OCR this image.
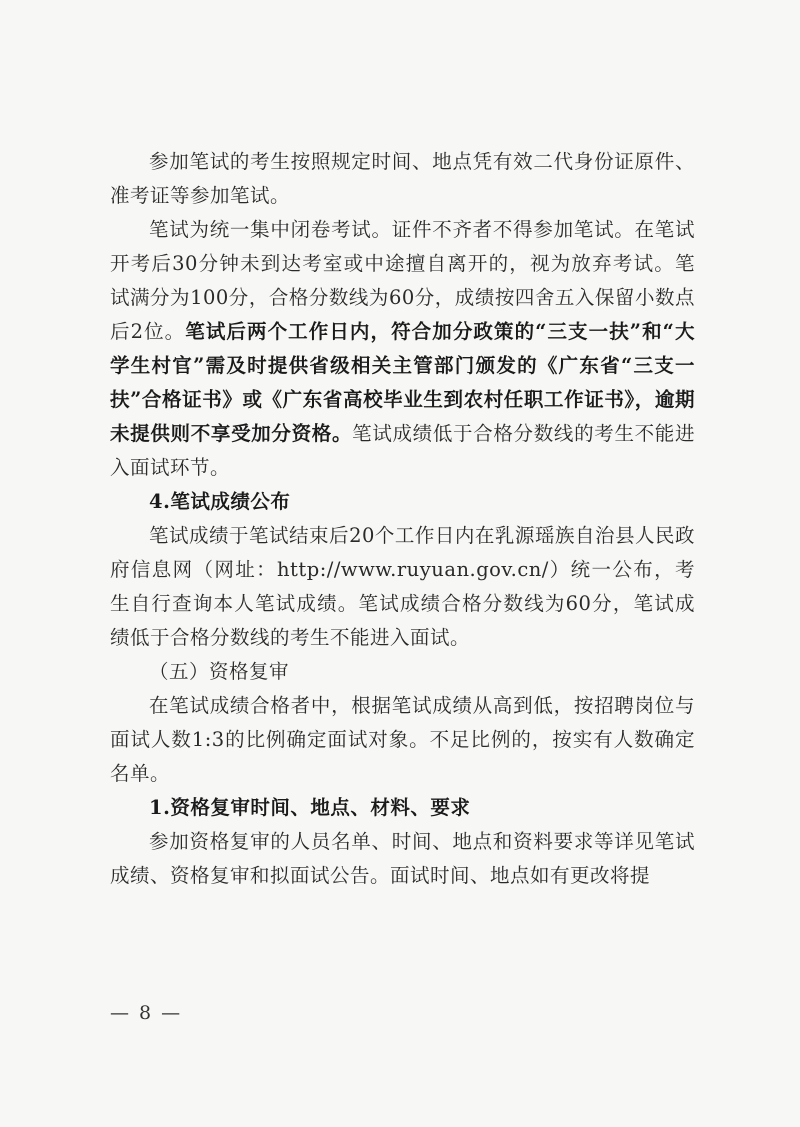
参加笔试的考生按照规定时间、地点凭有效二代身份证原件、准考证等参加笔试。

笔试为统一集中闭卷考试。证件不齐者不得参加笔试。在笔试开考后30分钟未到达考室或中途擅自离开的，视为放弃考试。笔试满分为100分，合格分数线为60分，成绩按四舍五入保留小数点后2位。笔试后两个工作日内，符合加分政策的“三支一扶”和“大学生村官”需及时提供省级相关主管部门颁发的《广东省“三支一扶”合格证书》或《广东省高校毕业生到农村任职工作证书》，逾期未提供则不享受加分资格。笔试成绩低于合格分数线的考生不能进入面试环节。

4.笔试成绩公布

笔试成绩于笔试结束后20个工作日内在乳源瑶族自治县人民政府信息网（网址：http://www.ruyuan.gov.cn/）统一公布，考生自行查询本人笔试成绩。笔试成绩合格分数线为60分，笔试成绩低于合格分数线的考生不能进入面试。

（五）资格复审

在笔试成绩合格者中，根据笔试成绩从高到低，按招聘岗位与面试人数1:3的比例确定面试对象。不足比例的，按实有人数确定名单。

1.资格复审时间、地点、材料、要求

参加资格复审的人员名单、时间、地点和资料要求等详见笔试成绩、资格复审和拟面试公告。面试时间、地点如有更改将提

— 8 —
